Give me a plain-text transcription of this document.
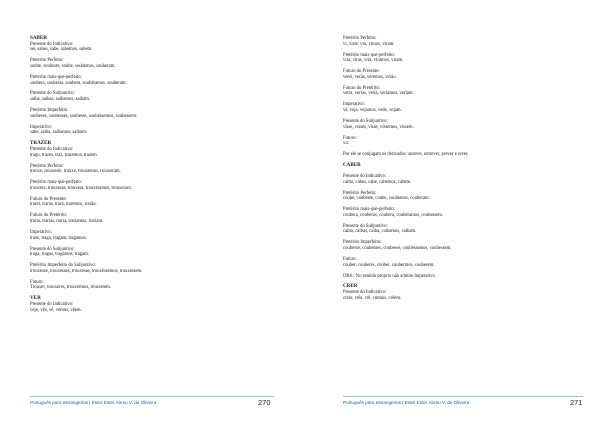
SABER
Presente do Indicativo:
sei, sabes, sabe, sabemos, sabem.
Pretérito Perfeito:
soube, soubeste, soube, soubemos, souberam.
Pretérito mais-que-perfeito:
soubera, souberas, soubera, soubéramos, souberam.
Presente do Subjuntivo:
saiba, saibas, saibamos, saibam.
Pretérito Imperfeito:
soubesse, soubesses, soubesse, soubéssemos, soubessem.
Imperativo:
sabe, saiba, saibamos, saibam.
TRAZER
Presente do Indicativo:
trago, trazes, traz, trazemos, trazem.
Pretérito Perfeito:
trouxe, trouxeste, trouxe, trouxemos, trouxeram.
Pretérito mais-que-perfeito:
trouxera, trouxeras, trouxera, trouxéramos, trouxeram.
Futuro do Presente:
trarei, trarás, trará, traremos, trarão.
Futuro do Pretérito:
traria, trarias, traria, traríamos, trariam.
Imperativo:
traze, traga, tragam, tragamos.
Presente do Subjuntivo:
traga, tragas, tragamos, tragam.
Pretérito Imperfeito do Subjuntivo:
trouxesse, trouxesses, trouxesse, trouxéssemos, trouxessem.
Futuro:
Trouxer, trouxeres, trouxermos, trouxerem.
VER
Presente do Indicativo:
vejo, vês, vê, vemos, vêem.
Português para estrangeiros | Ester Ester Abreu V. de Oliveira	270
Pretérito Perfeito:
vi, viste, viu, vimos, viram.
Pretérito mais-que-perfeito:
vira, viras, vira, víramos, viram.
Futuro do Presente:
verei, verás, veremos, verão.
Futuro do Pretérito:
veria, verias, veria, veríamos, veriam.
Imperativo:
vê, veja, vejamos, vede, vejam.
Presente do Subjuntivo:
visse, visses, visse, víssemos, vissem.
Futuro:
vir.
Por ele se conjugam os derivados: antever, entrever, prever e rever.
CABER
Presente do Indicativo:
caibo, cabes, cabe, cabemos, cabem.
Pretérito Perfeito:
coube, coubeste, coube, coubemos, couberam.
Pretérito mais-que-perfeito:
coubera, couberas, coubera, coubéramos, coubessem.
Presente do Subjuntivo:
caiba, caibas, caiba, caibamos, caibam.
Pretérito Imperfeito:
coubesse, coubesses, coubesse, coubéssemos, coubessem.
Futuro:
couber, couberes, couber, coubermos, couberem.
OBS.: No sentido próprio não admite Imperativo.
CRER
Presente do Indicativo:
creio, crês, crê, cremos, crêem.
Português para estrangeiros | Ester Ester Abreu V. de Oliveira	271
